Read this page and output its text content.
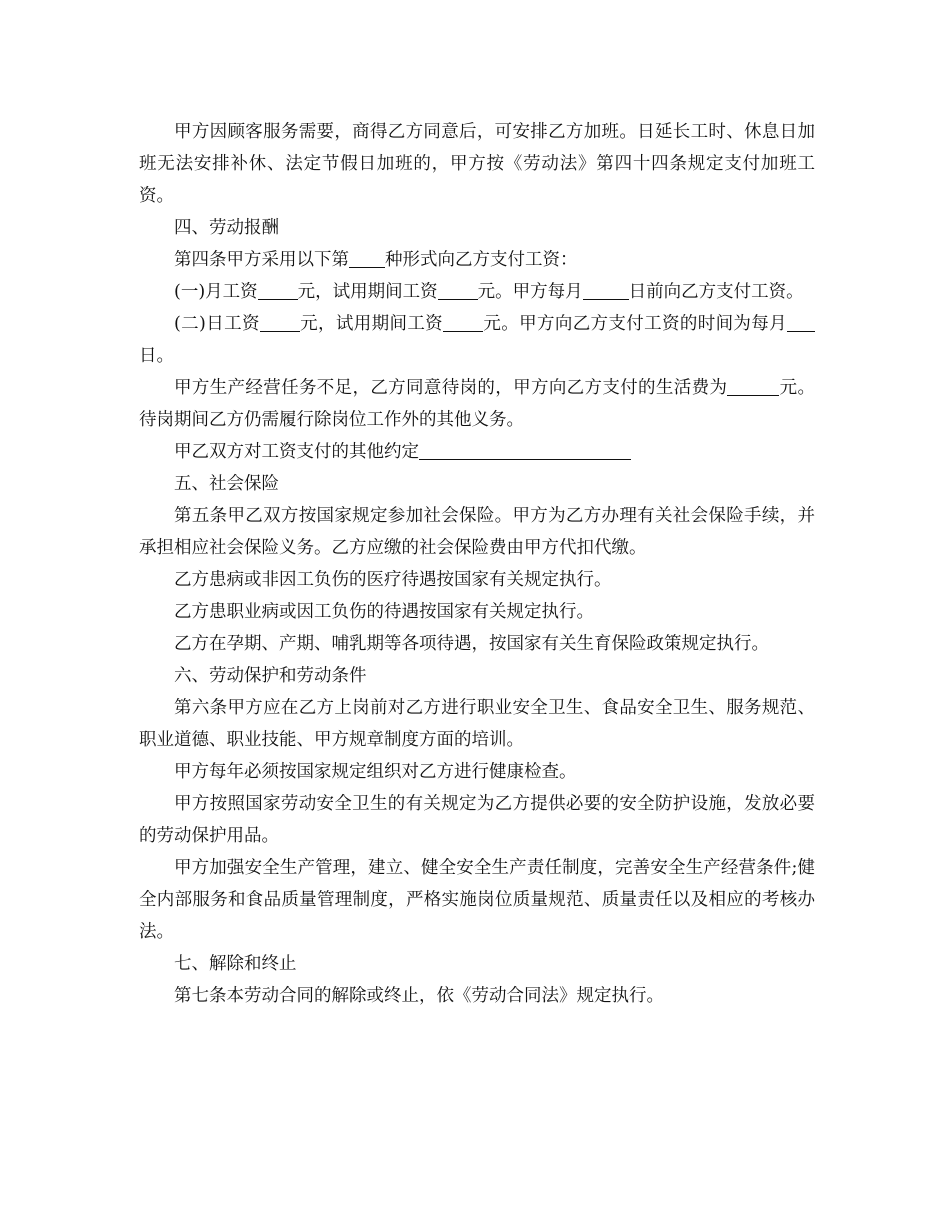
甲方因顾客服务需要，商得乙方同意后，可安排乙方加班。日延长工时、休息日加班无法安排补休、法定节假日加班的，甲方按《劳动法》第四十四条规定支付加班工资。

四、劳动报酬

第四条甲方采用以下第 种形式向乙方支付工资：

(一)月工资 元，试用期间工资 元。甲方每月	日前向乙方支付工资。

(二)日工资 元，试用期间工资 元。甲方向乙方支付工资的时间为每月日。

甲方生产经营任务不足，乙方同意待岗的，甲方向乙方支付的生活费为	元。待岗期间乙方仍需履行除岗位工作外的其他义务。

甲乙双方对工资支付的其他约定

五、社会保险

第五条甲乙双方按国家规定参加社会保险。甲方为乙方办理有关社会保险手续，并承担相应社会保险义务。乙方应缴的社会保险费由甲方代扣代缴。

乙方患病或非因工负伤的医疗待遇按国家有关规定执行。

乙方患职业病或因工负伤的待遇按国家有关规定执行。

乙方在孕期、产期、哺乳期等各项待遇，按国家有关生育保险政策规定执行。

六、劳动保护和劳动条件

第六条甲方应在乙方上岗前对乙方进行职业安全卫生、食品安全卫生、服务规范、职业道德、职业技能、甲方规章制度方面的培训。

甲方每年必须按国家规定组织对乙方进行健康检查。

甲方按照国家劳动安全卫生的有关规定为乙方提供必要的安全防护设施，发放必要的劳动保护用品。

甲方加强安全生产管理，建立、健全安全生产责任制度，完善安全生产经营条件;健全内部服务和食品质量管理制度，严格实施岗位质量规范、质量责任以及相应的考核办法。

七、解除和终止

第七条本劳动合同的解除或终止，依《劳动合同法》规定执行。
